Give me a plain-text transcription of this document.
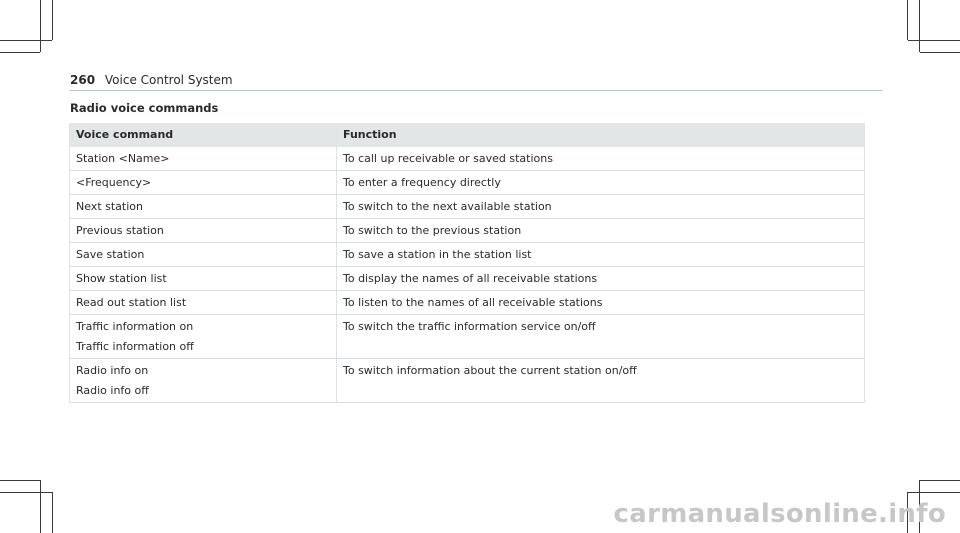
260 Voice Control System
Radio voice commands
Voice command	Function

Station <Name>	To call up receivable or saved stations

<Frequency>	To enter a frequency directly

Next station	To switch to the next available station

Previous station	To switch to the previous station

Save station	To save a station in the station list

Show station list	To display the names of all receivable stations

Read out station list	To listen to the names of all receivable stations

Traffic information on
Traffic information off	To switch the traffic information service on/off

Radio info on
Radio info off	To switch information about the current station on/off
carmanualsonline.info
